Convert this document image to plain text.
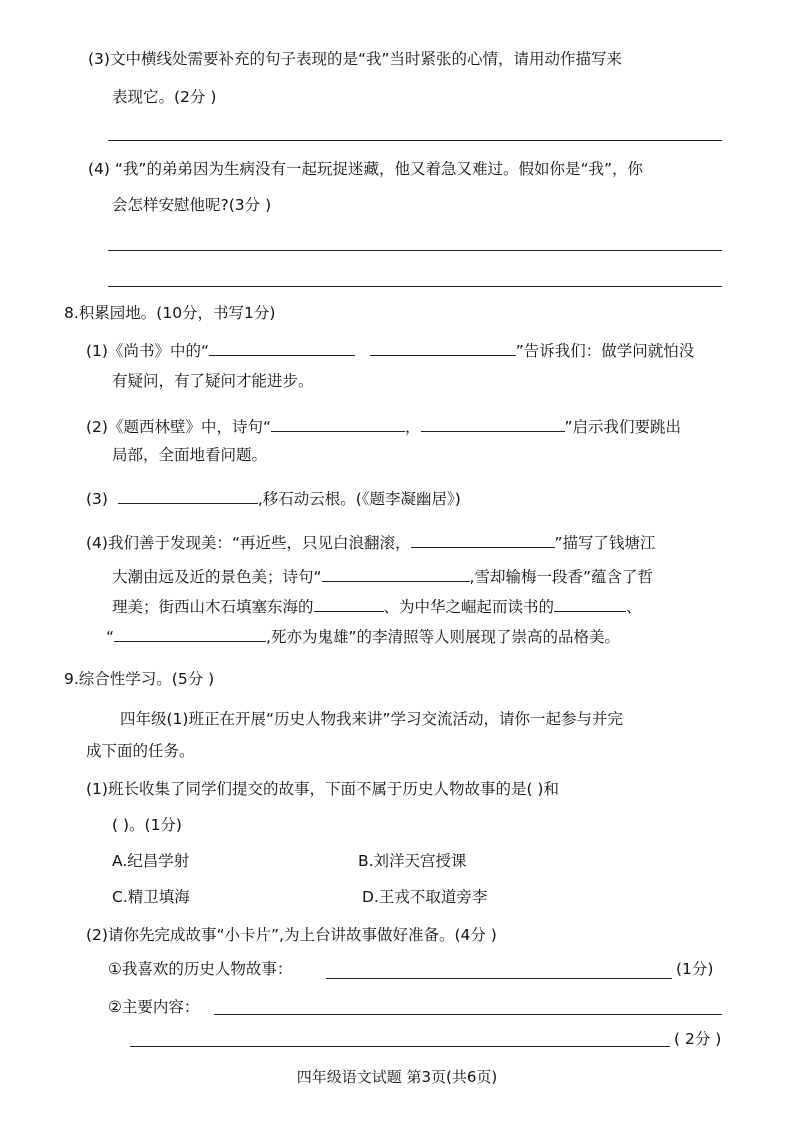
(3)文中横线处需要补充的句子表现的是“我”当时紧张的心情，请用动作描写来
表现它。(2分 )
(4) “我”的弟弟因为生病没有一起玩捉迷藏，他又着急又难过。假如你是“我”，你
会怎样安慰他呢?(3分 )
8.积累园地。(10分，书写1分)
(1)《尚书》中的“	”告诉我们：做学问就怕没
有疑问，有了疑问才能进步。
(2)《题西林壁》中，诗句“	，	”启示我们要跳出
局部，全面地看问题。
(3)	,移石动云根。(《题李凝幽居》)
(4)我们善于发现美：“再近些，只见白浪翻滚，	”描写了钱塘江
大潮由远及近的景色美；诗句“	,雪却输梅一段香”蕴含了哲
理美；街西山木石填塞东海的	、为中华之崛起而读书的	、
“	,死亦为鬼雄”的李清照等人则展现了崇高的品格美。
9.综合性学习。(5分 )
四年级(1)班正在开展“历史人物我来讲”学习交流活动，请你一起参与并完
成下面的任务。
(1)班长收集了同学们提交的故事，下面不属于历史人物故事的是( )和
( )。(1分)
A.纪昌学射	B.刘洋天宫授课
C.精卫填海	D.王戎不取道旁李
(2)请你先完成故事“小卡片”,为上台讲故事做好准备。(4分 )
①我喜欢的历史人物故事：	(1分)
②主要内容：
( 2分 )
四年级语文试题 第3页(共6页)
